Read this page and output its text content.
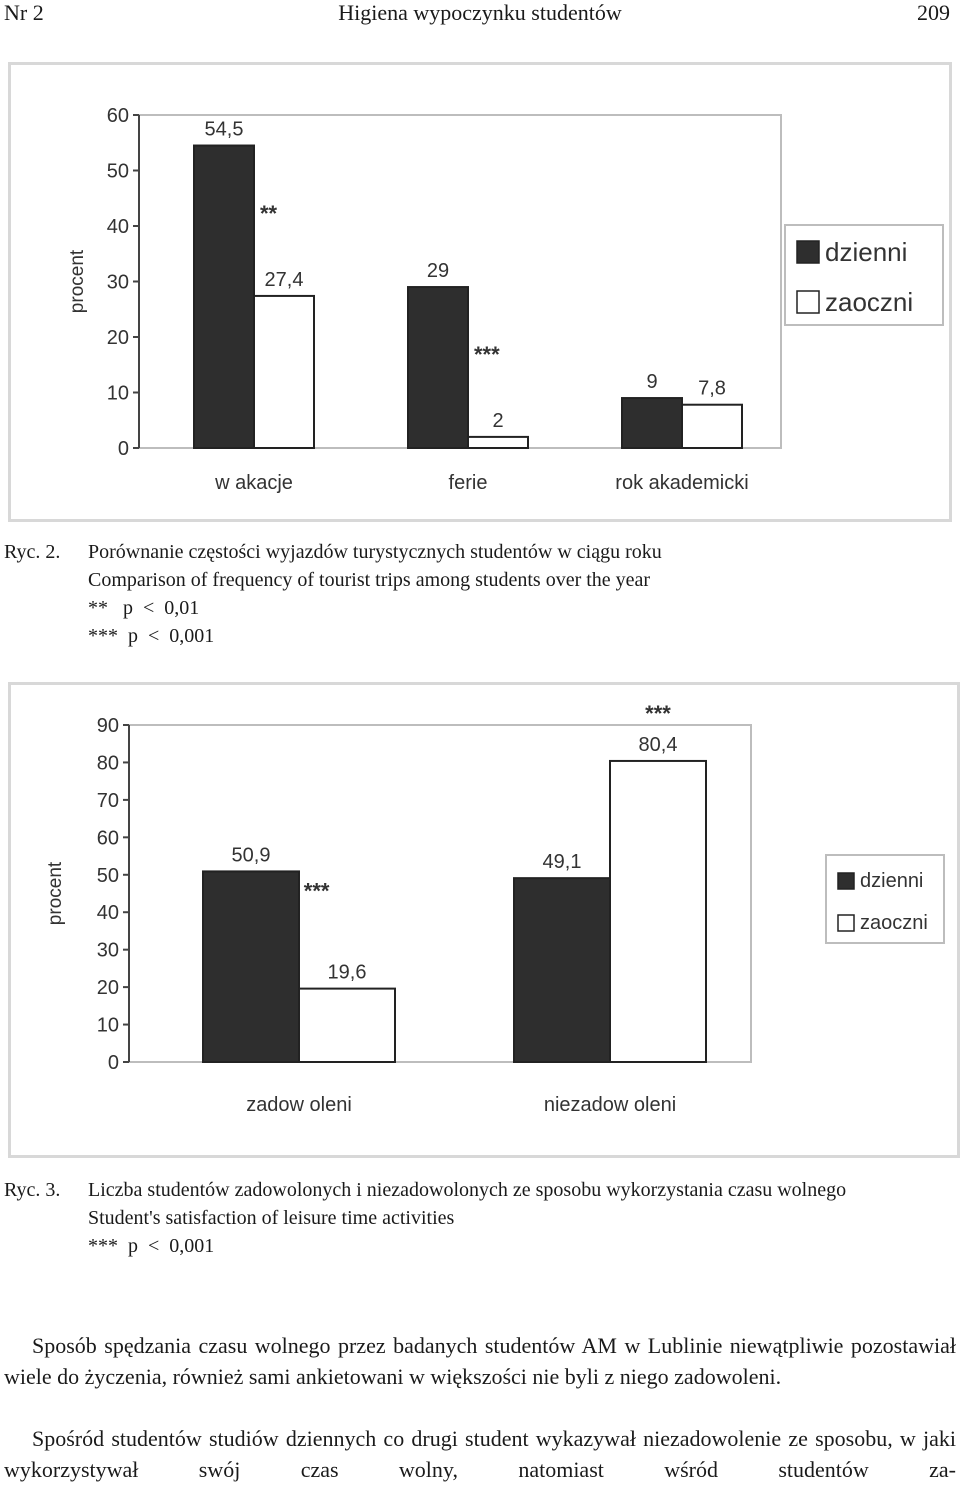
Nr 2	Higiena wypoczynku studentów	209
0
10
20
30
40
50
60
procent
54,5
27,4
**
w akacje
29
2
***
ferie
9 7,8
rok akademicki
dzienni
zaoczni
Ryc. 2. Porównanie częstości wyjazdów turystycznych studentów w ciągu roku
Comparison of frequency of tourist trips among students over the year
**   p  <  0,01
***  p  <  0,001
0
10
20
30
40
50
60
70
80
90
procent
50,9
19,6
***
zadow oleni
49,1
80,4
***
niezadow oleni
dzienni
zaoczni
Ryc. 3. Liczba studentów zadowolonych i niezadowolonych ze sposobu wykorzystania czasu wolnego
Student's satisfaction of leisure time activities
***  p  <  0,001
Sposób spędzania czasu wolnego przez badanych studentów AM w Lublinie niewątpliwie pozostawiał wiele do życzenia, również sami ankietowani w większości nie byli z niego zadowoleni.
Spośród studentów studiów dziennych co drugi student wykazywał niezadowolenie ze sposobu, w jaki wykorzystywał swój czas wolny, natomiast wśród studentów za-
